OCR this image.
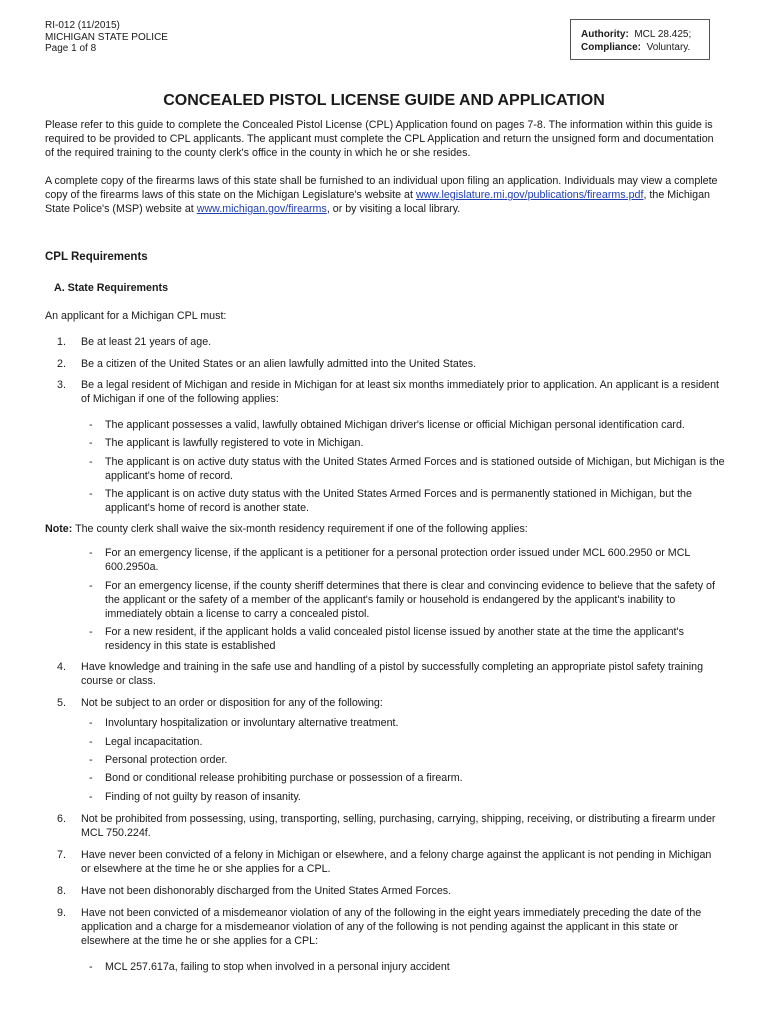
RI-012 (11/2015)
MICHIGAN STATE POLICE
Page 1 of 8
Authority: MCL 28.425;
Compliance: Voluntary.
CONCEALED PISTOL LICENSE GUIDE AND APPLICATION

Please refer to this guide to complete the Concealed Pistol License (CPL) Application found on pages 7-8. The information within this guide is required to be provided to CPL applicants. The applicant must complete the CPL Application and return the unsigned form and documentation of the required training to the county clerk's office in the county in which he or she resides.

A complete copy of the firearms laws of this state shall be furnished to an individual upon filing an application. Individuals may view a complete copy of the firearms laws of this state on the Michigan Legislature's website at www.legislature.mi.gov/publications/firearms.pdf, the Michigan State Police's (MSP) website at www.michigan.gov/firearms, or by visiting a local library.

CPL Requirements
A. State Requirements
An applicant for a Michigan CPL must:
1.	Be at least 21 years of age.
2.	Be a citizen of the United States or an alien lawfully admitted into the United States.
3.	Be a legal resident of Michigan and reside in Michigan for at least six months immediately prior to application. An applicant is a resident of Michigan if one of the following applies:
- The applicant possesses a valid, lawfully obtained Michigan driver's license or official Michigan personal identification card.
- The applicant is lawfully registered to vote in Michigan.
- The applicant is on active duty status with the United States Armed Forces and is stationed outside of Michigan, but Michigan is the applicant's home of record.
- The applicant is on active duty status with the United States Armed Forces and is permanently stationed in Michigan, but the applicant's home of record is another state.
Note: The county clerk shall waive the six-month residency requirement if one of the following applies:
- For an emergency license, if the applicant is a petitioner for a personal protection order issued under MCL 600.2950 or MCL 600.2950a.
- For an emergency license, if the county sheriff determines that there is clear and convincing evidence to believe that the safety of the applicant or the safety of a member of the applicant's family or household is endangered by the applicant's inability to immediately obtain a license to carry a concealed pistol.
- For a new resident, if the applicant holds a valid concealed pistol license issued by another state at the time the applicant's residency in this state is established
4.	Have knowledge and training in the safe use and handling of a pistol by successfully completing an appropriate pistol safety training course or class.
5.	Not be subject to an order or disposition for any of the following:
- Involuntary hospitalization or involuntary alternative treatment.
- Legal incapacitation.
- Personal protection order.
- Bond or conditional release prohibiting purchase or possession of a firearm.
- Finding of not guilty by reason of insanity.
6.	Not be prohibited from possessing, using, transporting, selling, purchasing, carrying, shipping, receiving, or distributing a firearm under MCL 750.224f.
7.	Have never been convicted of a felony in Michigan or elsewhere, and a felony charge against the applicant is not pending in Michigan or elsewhere at the time he or she applies for a CPL.
8.	Have not been dishonorably discharged from the United States Armed Forces.
9.	Have not been convicted of a misdemeanor violation of any of the following in the eight years immediately preceding the date of the application and a charge for a misdemeanor violation of any of the following is not pending against the applicant in this state or elsewhere at the time he or she applies for a CPL:
- MCL 257.617a, failing to stop when involved in a personal injury accident
